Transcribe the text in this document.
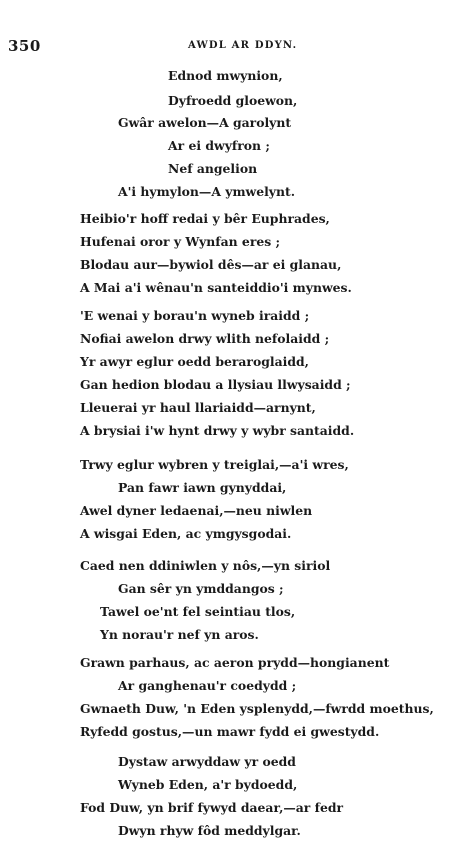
350	AWDL AR DDYN.
Ednod mwynion,
Dyfroedd gloewon,
Gwâr awelon—A garolynt
Ar ei dwyfron ;
Nef angelion
A'i hymylon—A ymwelynt.
Heibio'r hoff redai y bêr Euphrades,
Hufenai oror y Wynfan eres ;
Blodau aur—bywiol dês—ar ei glanau,
A Mai a'i wênau'n santeiddio'i mynwes.
'E wenai y borau'n wyneb iraidd ;
Nofiai awelon drwy wlith nefolaidd ;
Yr awyr eglur oedd beraroglaidd,
Gan hedion blodau a llysiau llwysaidd ;
Lleuerai yr haul llariaidd—arnynt,
A brysiai i'w hynt drwy y wybr santaidd.
Trwy eglur wybren y treiglai,—a'i wres,
Pan fawr iawn gynyddai,
Awel dyner ledaenai,—neu niwlen
A wisgai Eden, ac ymgysgodai.
Caed nen ddiniwlen y nôs,—yn siriol
Gan sêr yn ymddangos ;
Tawel oe'nt fel seintiau tlos,
Yn norau'r nef yn aros.
Grawn parhaus, ac aeron prydd—hongianent
Ar ganghenau'r coedydd ;
Gwnaeth Duw, 'n Eden ysplenydd,—fwrdd moethus,
Ryfedd gostus,—un mawr fydd ei gwestydd.
Dystaw arwyddaw yr oedd
Wyneb Eden, a'r bydoedd,
Fod Duw, yn brif fywyd daear,—ar fedr
Dwyn rhyw fôd meddylgar.
